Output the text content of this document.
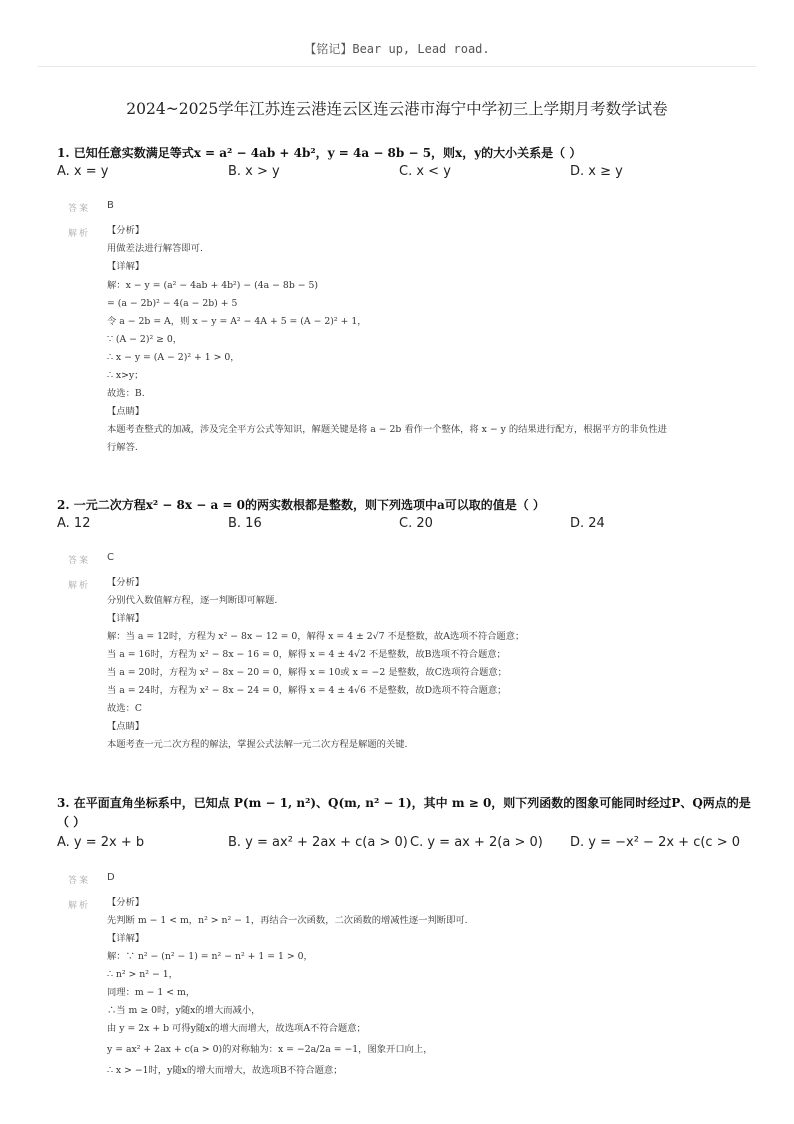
【铭记】Bear up, Lead road.
2024~2025学年江苏连云港连云区连云港市海宁中学初三上学期月考数学试卷
1. 已知任意实数满足等式x = a² − 4ab + 4b²，y = 4a − 8b − 5，则x，y的大小关系是（ ）
A. x = y	B. x > y	C. x < y	D. x ≥ y
答案 B
解析 【分析】
用做差法进行解答即可.
【详解】
解：x − y = (a² − 4ab + 4b²) − (4a − 8b − 5)
= (a − 2b)² − 4(a − 2b) + 5
令 a − 2b = A，则 x − y = A² − 4A + 5 = (A − 2)² + 1，
∵ (A − 2)² ≥ 0，
∴ x − y = (A − 2)² + 1 > 0，
∴ x>y；
故选：B.
【点睛】
本题考查整式的加减，涉及完全平方公式等知识，解题关键是将 a − 2b 看作一个整体，将 x − y 的结果进行配方，根据平方的非负性进
行解答.
2. 一元二次方程x² − 8x − a = 0的两实数根都是整数，则下列选项中a可以取的值是（ ）
A. 12	B. 16	C. 20	D. 24
答案 C
解析 【分析】
分别代入数值解方程，逐一判断即可解题.
【详解】
解：当 a = 12时，方程为 x² − 8x − 12 = 0，解得 x = 4 ± 2√7 不是整数，故A选项不符合题意；
当 a = 16时，方程为 x² − 8x − 16 = 0，解得 x = 4 ± 4√2 不是整数，故B选项不符合题意；
当 a = 20时，方程为 x² − 8x − 20 = 0，解得 x = 10或 x = −2 是整数，故C选项符合题意；
当 a = 24时，方程为 x² − 8x − 24 = 0，解得 x = 4 ± 4√6 不是整数，故D选项不符合题意；
故选：C
【点睛】
本题考查一元二次方程的解法，掌握公式法解一元二次方程是解题的关键.
3. 在平面直角坐标系中，已知点 P(m − 1, n²)、Q(m, n² − 1)，其中 m ≥ 0，则下列函数的图象可能同时经过P、Q两点的是
（ ）
A. y = 2x + b	B. y = ax² + 2ax + c(a > 0) C. y = ax + 2(a > 0) D. y = −x² − 2x + c(c > 0
答案 D
解析 【分析】
先判断 m − 1 < m，n² > n² − 1，再结合一次函数，二次函数的增减性逐一判断即可.
【详解】
解：∵ n² − (n² − 1) = n² − n² + 1 = 1 > 0，
∴ n² > n² − 1，
同理：m − 1 < m，
∴当 m ≥ 0时，y随x的增大而减小，
由 y = 2x + b 可得y随x的增大而增大，故选项A不符合题意；
y = ax² + 2ax + c(a > 0)的对称轴为：x = −2a/2a = −1，图象开口向上，
∴ x > −1时，y随x的增大而增大，故选项B不符合题意；
